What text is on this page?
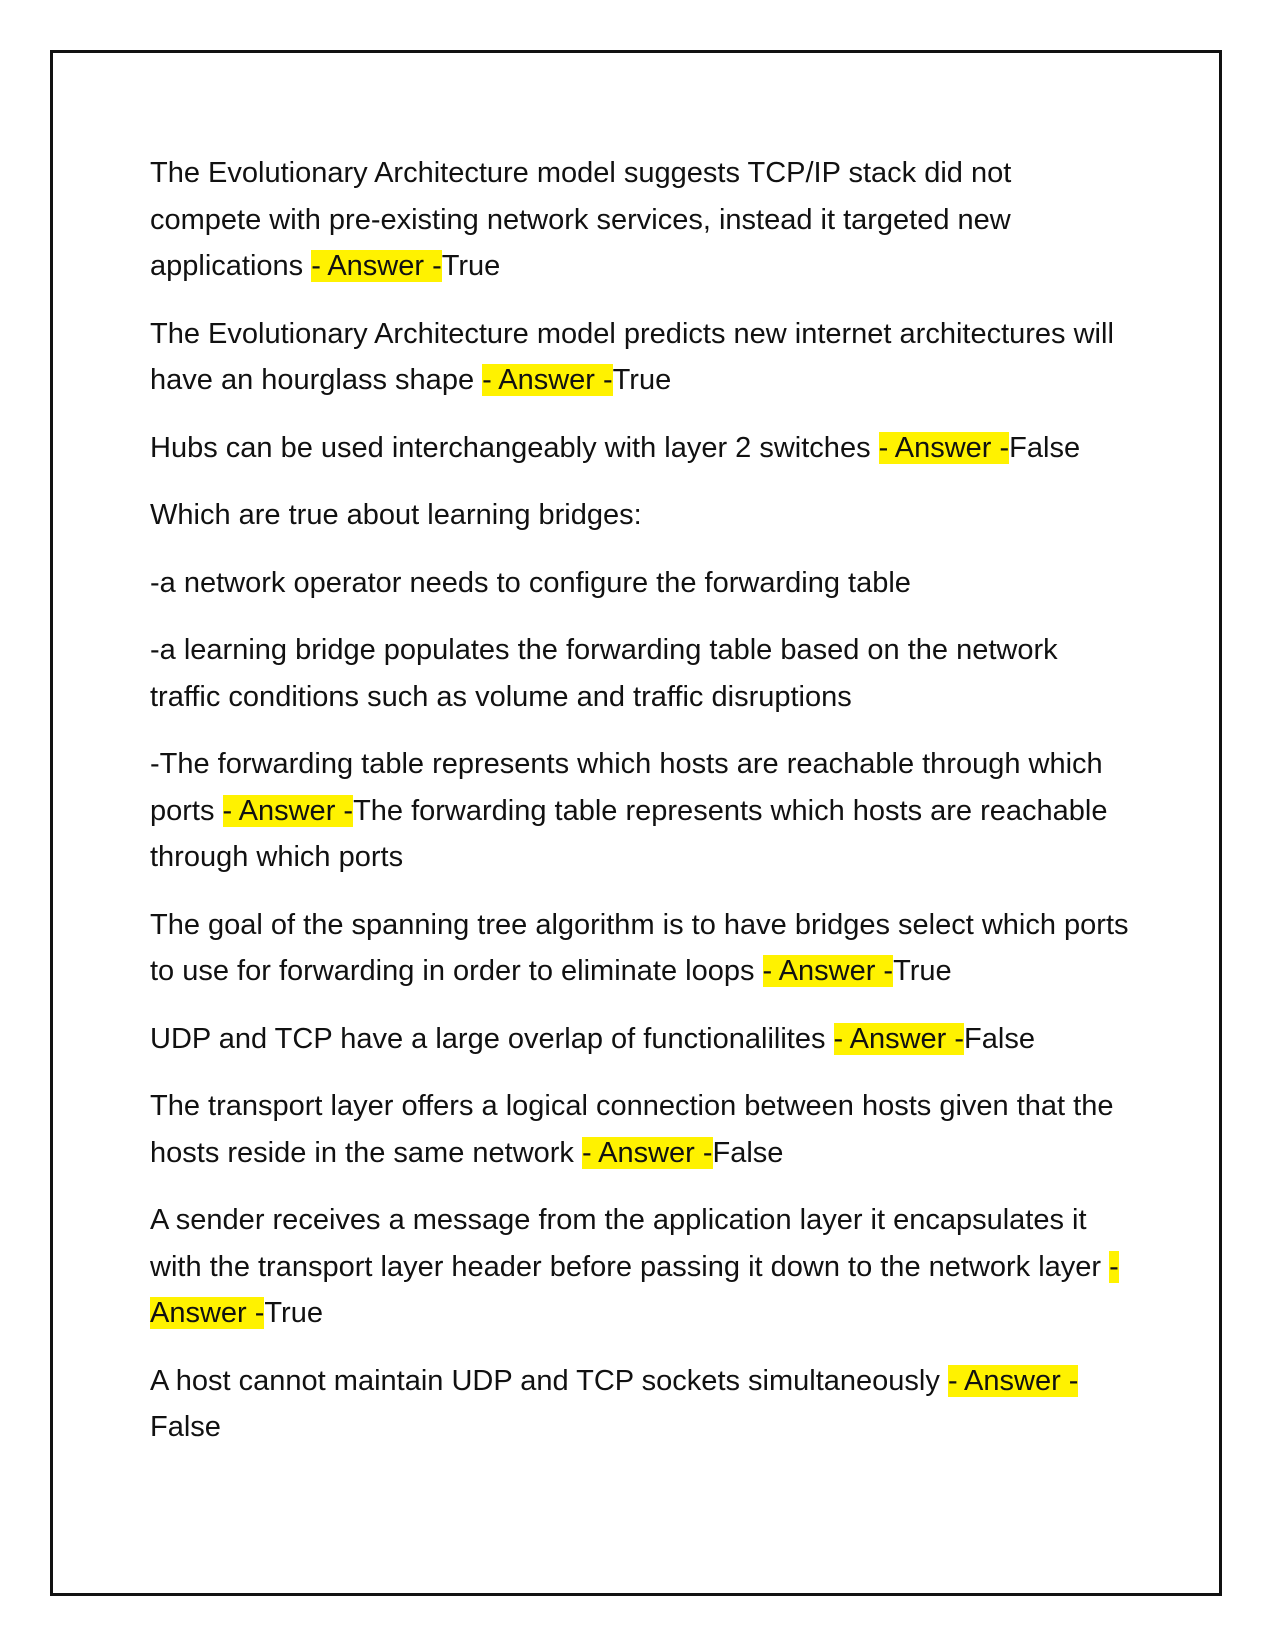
The Evolutionary Architecture model suggests TCP/IP stack did not compete with pre-existing network services, instead it targeted new applications - Answer -True

The Evolutionary Architecture model predicts new internet architectures will have an hourglass shape - Answer -True

Hubs can be used interchangeably with layer 2 switches - Answer -False

Which are true about learning bridges:

-a network operator needs to configure the forwarding table

-a learning bridge populates the forwarding table based on the network traffic conditions such as volume and traffic disruptions

-The forwarding table represents which hosts are reachable through which ports - Answer -The forwarding table represents which hosts are reachable through which ports

The goal of the spanning tree algorithm is to have bridges select which ports to use for forwarding in order to eliminate loops - Answer -True

UDP and TCP have a large overlap of functionalilites - Answer -False

The transport layer offers a logical connection between hosts given that the hosts reside in the same network - Answer -False

A sender receives a message from the application layer it encapsulates it with the transport layer header before passing it down to the network layer - Answer -True

A host cannot maintain UDP and TCP sockets simultaneously - Answer -
False
